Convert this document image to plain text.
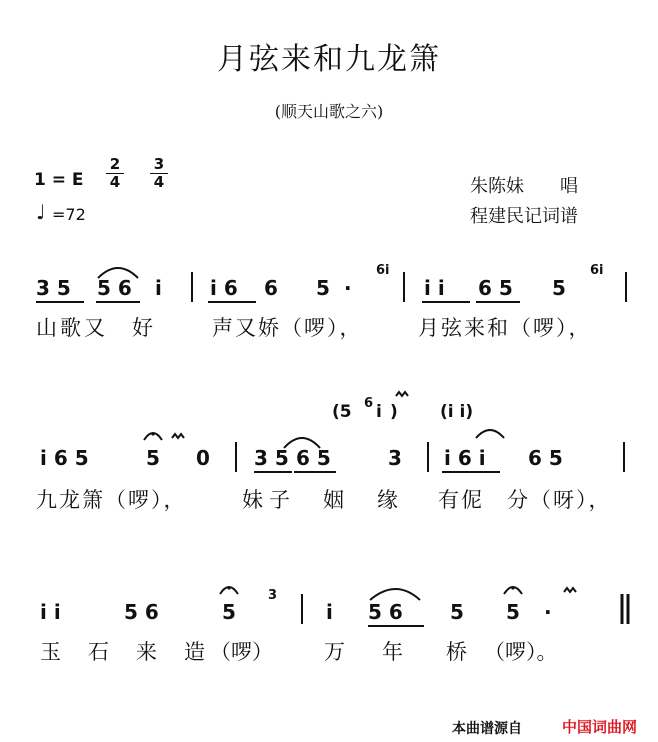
月弦来和九龙箫
(顺天山歌之六)
1 = E $\frac{2}{4} \frac{3}{4}$
♩ =72
朱陈妹　　唱
程建民记词谱
3 5 5 6 i i 6 6 5 ·
6i
i i 6 5 5
6i
山歌又　好	声又娇（啰），	月弦来和（啰），
(5 6 i ) (i i)
i 6 5	5 0 3 5 6 5	3 i 6 i 6 5
九龙箫（啰），	妹子　姻　缘 有伲　分（呀），
i i	5 6	5
3
i 5 6 5 5 ·
玉　石　来　造 （啰） 万　年 桥 （啰）。
本曲谱源自	中国词曲网
